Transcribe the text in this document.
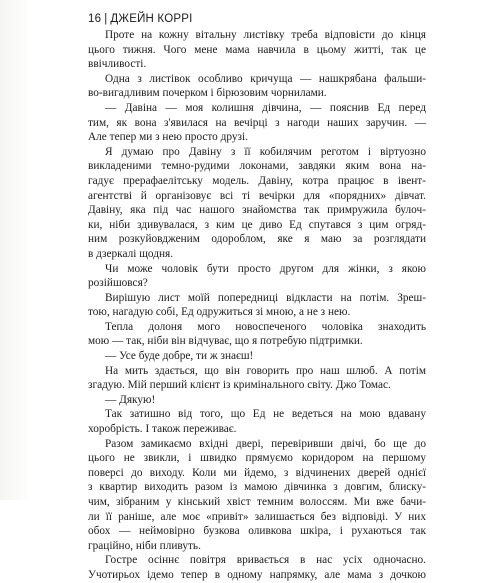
16 | ДЖЕЙН КОРРІ
Проте на кожну вітальну листівку треба відповісти до кінця
цього тижня. Чого мене мама навчила в цьому житті, так це
ввічливості.
Одна з листівок особливо кричуща — нашкрябана фальши-
во-вигадливим почерком і бірюзовим чорнилами.
— Давіна — моя колишня дівчина, — пояснив Ед перед
тим, як вона з'явилася на вечірці з нагоди наших заручин. —
Але тепер ми з нею просто друзі.
Я думаю про Давіну з її кобилячим реготом і віртуозно
викладеними темно-рудими локонами, завдяки яким вона на-
гадує прерафаелітську модель. Давіну, котра працює в івент-
агентстві й організовує всі ті вечірки для «порядних» дівчат.
Давіну, яка під час нашого знайомства так примружила булоч-
ки, ніби здивувалася, з ким це диво Ед спутався з цим огряд-
ним розкуйовдженим одороблом, яке я маю за розглядати
в дзеркалі щодня.
Чи може чоловік бути просто другом для жінки, з якою
розійшовся?
Вирішую лист моїй попередниці відкласти на потім. Зреш-
тою, нагадую собі, Ед одружиться зі мною, а не з нею.
Тепла долоня мого новоспеченого чоловіка знаходить
мою — так, ніби він відчуває, що я потребую підтримки.
— Усе буде добре, ти ж знаєш!
На мить здається, що він говорить про наш шлюб. А потім
згадую. Мій перший клієнт із кримінального світу. Джо Томас.
— Дякую!
Так затишно від того, що Ед не ведеться на мою вдавану
хоробрість. І також переживає.
Разом замикаємо вхідні двері, перевіривши двічі, бо ще до
цього не звикли, і швидко прямуємо коридором на першому
поверсі до виходу. Коли ми йдемо, з відчинених дверей однієї
з квартир виходить разом із мамою дівчинка з довгим, блиску-
чим, зібраним у кінський хвіст темним волоссям. Ми вже бачи-
ли її раніше, але моє «привіт» залишається без відповіді. У них
обох — неймовірно бузкова оливкова шкіра, і рухаються так
грацiйно, ніби пливуть.
Гостре осіннє повітря вривається в нас усіх одночасно.
Учотирьох ідемо тепер в одному напрямку, але мама з дочкою
